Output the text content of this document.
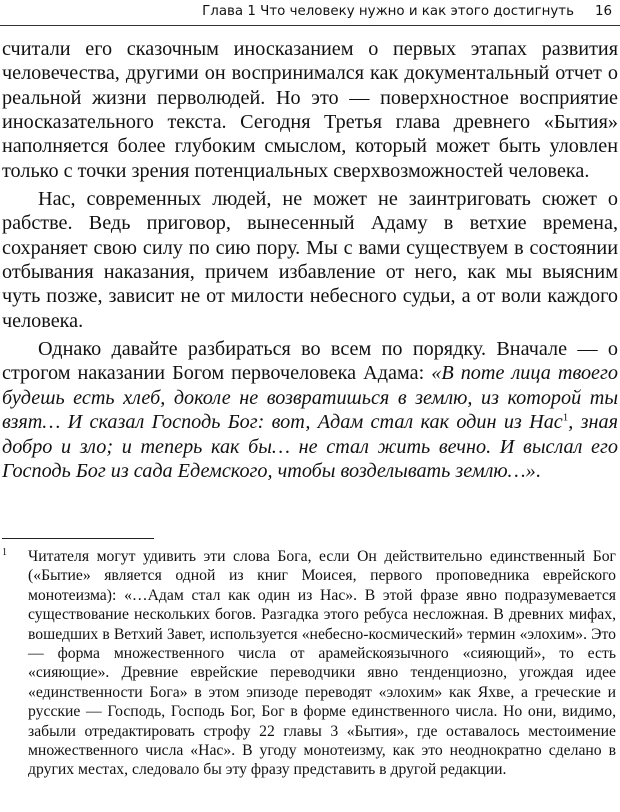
Глава 1 Что человеку нужно и как этого достигнуть 16

считали его сказочным иносказанием о первых этапах развития человечества, другими он воспринимался как документальный отчет о реальной жизни перволюдей. Но это — поверхностное восприятие иносказательного текста. Сегодня Третья глава древнего «Бытия» наполняется более глубоким смыслом, который может быть уловлен только с точки зрения потенциальных сверхвозможностей человека.

Нас, современных людей, не может не заинтриговать сюжет о рабстве. Ведь приговор, вынесенный Адаму в ветхие времена, сохраняет свою силу по сию пору. Мы с вами существуем в состоянии отбывания наказания, причем избавление от него, как мы выясним чуть позже, зависит не от милости небесного судьи, а от воли каждого человека.

Однако давайте разбираться во всем по порядку. Вначале — о строгом наказании Богом первочеловека Адама: «В поте лица твоего будешь есть хлеб, доколе не возвратишься в землю, из которой ты взят… И сказал Господь Бог: вот, Адам стал как один из Нас$^1$, зная добро и зло; и теперь как бы… не стал жить вечно. И выслал его Господь Бог из сада Едемского, чтобы возделывать землю…».

1 Читателя могут удивить эти слова Бога, если Он действительно единственный Бог («Бытие» является одной из книг Моисея, первого проповедника еврейского монотеизма): «…Адам стал как один из Нас». В этой фразе явно подразумевается существование нескольких богов. Разгадка этого ребуса несложная. В древних мифах, вошедших в Ветхий Завет, используется «небесно-космический» термин «элохим». Это — форма множественного числа от арамейскоязычного «сияющий», то есть «сияющие». Древние еврейские переводчики явно тенденциозно, угождая идее «единственности Бога» в этом эпизоде переводят «элохим» как Яхве, а греческие и русские — Господь, Господь Бог, Бог в форме единственного числа. Но они, видимо, забыли отредактировать строфу 22 главы 3 «Бытия», где оставалось местоимение множественного числа «Нас». В угоду монотеизму, как это неоднократно сделано в других местах, следовало бы эту фразу представить в другой редакции.
